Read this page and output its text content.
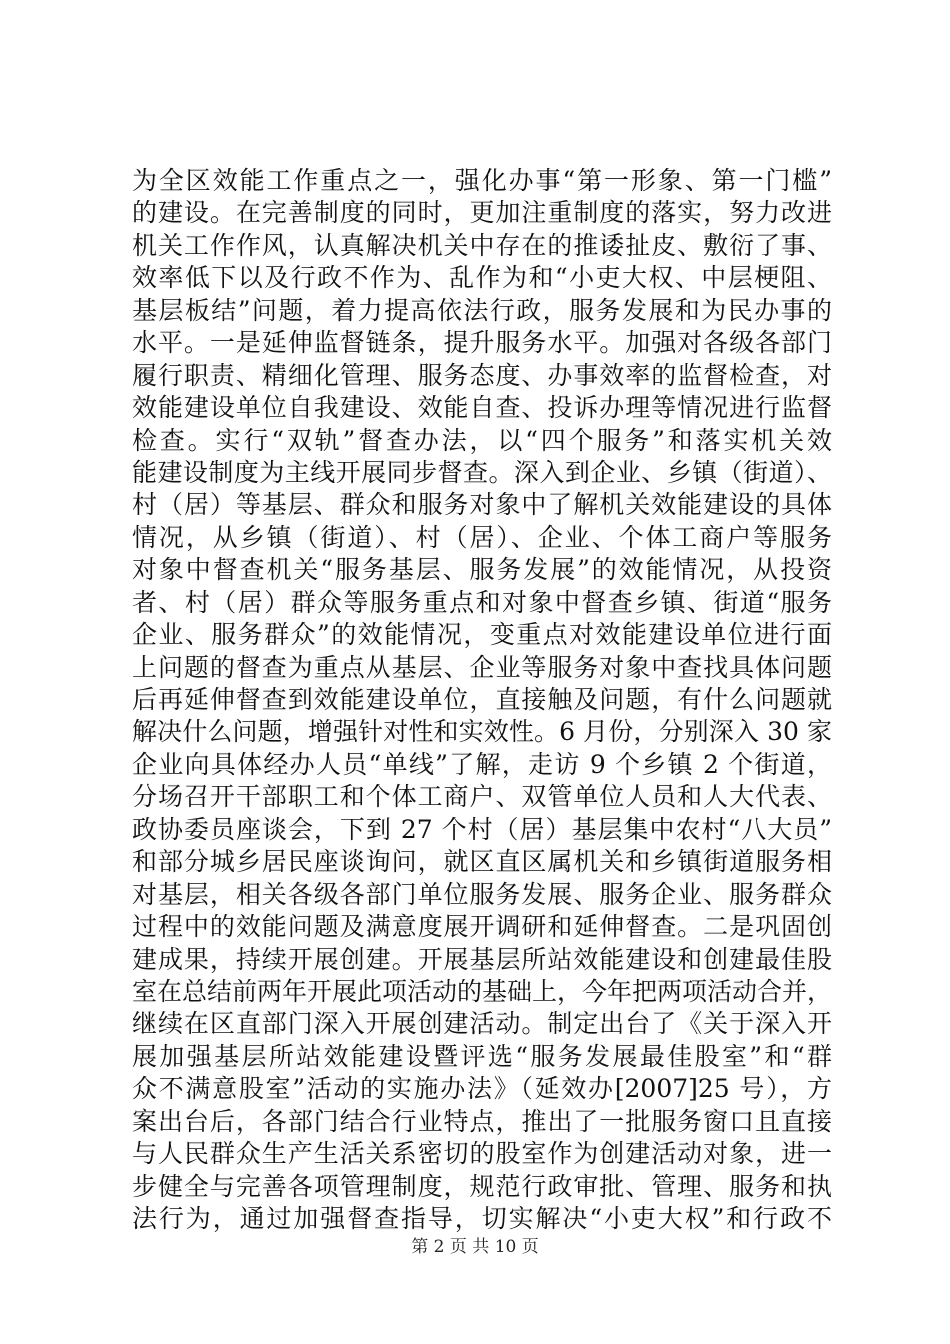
为全区效能工作重点之一，强化办事“第一形象、第一门槛”
的建设。在完善制度的同时，更加注重制度的落实，努力改进
机关工作作风，认真解决机关中存在的推诿扯皮、敷衍了事、
效率低下以及行政不作为、乱作为和“小吏大权、中层梗阻、
基层板结”问题，着力提高依法行政，服务发展和为民办事的
水平。一是延伸监督链条，提升服务水平。加强对各级各部门
履行职责、精细化管理、服务态度、办事效率的监督检查，对
效能建设单位自我建设、效能自查、投诉办理等情况进行监督
检查。实行“双轨”督查办法，以“四个服务”和落实机关效
能建设制度为主线开展同步督查。深入到企业、乡镇（街道）、
村（居）等基层、群众和服务对象中了解机关效能建设的具体
情况，从乡镇（街道）、村（居）、企业、个体工商户等服务
对象中督查机关“服务基层、服务发展”的效能情况，从投资
者、村（居）群众等服务重点和对象中督查乡镇、街道“服务
企业、服务群众”的效能情况，变重点对效能建设单位进行面
上问题的督查为重点从基层、企业等服务对象中查找具体问题
后再延伸督查到效能建设单位，直接触及问题，有什么问题就
解决什么问题，增强针对性和实效性。6 月份，分别深入 30 家
企业向具体经办人员“单线”了解，走访 9 个乡镇 2 个街道，
分场召开干部职工和个体工商户、双管单位人员和人大代表、
政协委员座谈会，下到 27 个村（居）基层集中农村“八大员”
和部分城乡居民座谈询问，就区直区属机关和乡镇街道服务相
对基层，相关各级各部门单位服务发展、服务企业、服务群众
过程中的效能问题及满意度展开调研和延伸督查。二是巩固创
建成果，持续开展创建。开展基层所站效能建设和创建最佳股
室在总结前两年开展此项活动的基础上，今年把两项活动合并，
继续在区直部门深入开展创建活动。制定出台了《关于深入开
展加强基层所站效能建设暨评选“服务发展最佳股室”和“群
众不满意股室”活动的实施办法》（延效办[2007]25 号），方
案出台后，各部门结合行业特点，推出了一批服务窗口且直接
与人民群众生产生活关系密切的股室作为创建活动对象，进一
步健全与完善各项管理制度，规范行政审批、管理、服务和执
法行为，通过加强督查指导，切实解决“小吏大权”和行政不
第 2 页 共 10 页
